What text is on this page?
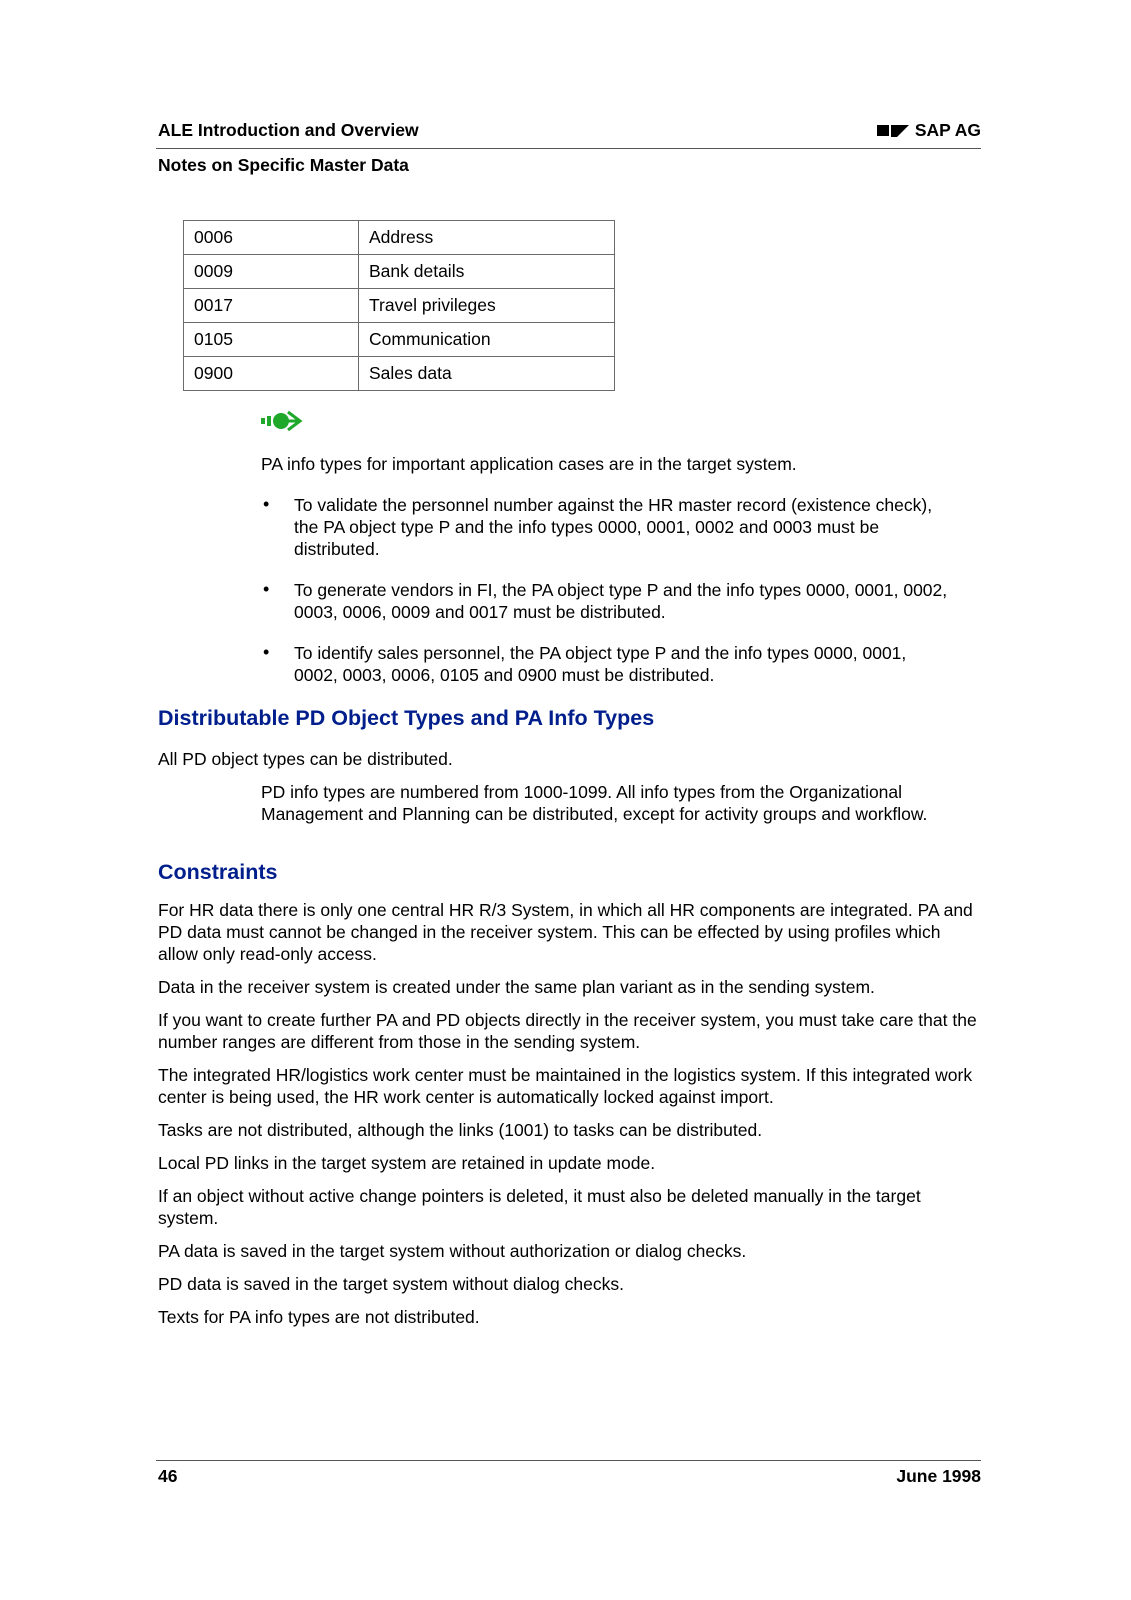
ALE Introduction and Overview	SAP AG
Notes on Specific Master Data
0006	Address
0009	Bank details
0017	Travel privileges
0105	Communication
0900	Sales data
PA info types for important application cases are in the target system.
• To validate the personnel number against the HR master record (existence check), the PA object type P and the info types 0000, 0001, 0002 and 0003 must be distributed.
• To generate vendors in FI, the PA object type P and the info types 0000, 0001, 0002, 0003, 0006, 0009 and 0017 must be distributed.
• To identify sales personnel, the PA object type P and the info types 0000, 0001, 0002, 0003, 0006, 0105 and 0900 must be distributed.
Distributable PD Object Types and PA Info Types
All PD object types can be distributed.
PD info types are numbered from 1000-1099. All info types from the Organizational Management and Planning can be distributed, except for activity groups and workflow.
Constraints

For HR data there is only one central HR R/3 System, in which all HR components are integrated. PA and PD data must cannot be changed in the receiver system. This can be effected by using profiles which allow only read-only access.

Data in the receiver system is created under the same plan variant as in the sending system.

If you want to create further PA and PD objects directly in the receiver system, you must take care that the number ranges are different from those in the sending system.

The integrated HR/logistics work center must be maintained in the logistics system. If this integrated work center is being used, the HR work center is automatically locked against import.

Tasks are not distributed, although the links (1001) to tasks can be distributed.

Local PD links in the target system are retained in update mode.

If an object without active change pointers is deleted, it must also be deleted manually in the target system.

PA data is saved in the target system without authorization or dialog checks.

PD data is saved in the target system without dialog checks.

Texts for PA info types are not distributed.

46	June 1998
